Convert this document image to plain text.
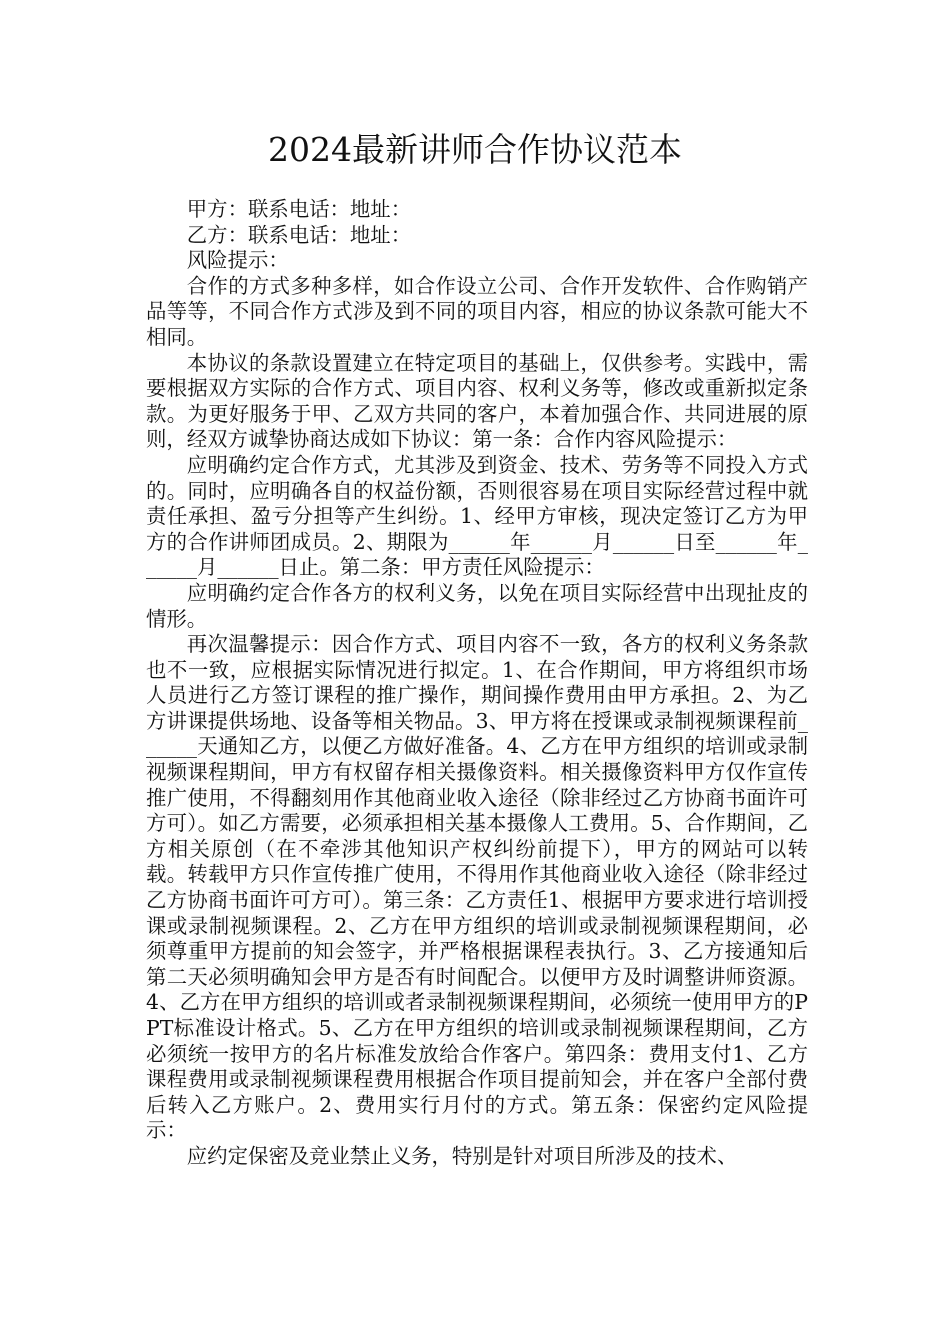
2024最新讲师合作协议范本

甲方：联系电话：地址：

乙方：联系电话：地址：

风险提示：

合作的方式多种多样，如合作设立公司、合作开发软件、合作购销产品等等，不同合作方式涉及到不同的项目内容，相应的协议条款可能大不相同。

本协议的条款设置建立在特定项目的基础上，仅供参考。实践中，需要根据双方实际的合作方式、项目内容、权利义务等，修改或重新拟定条款。为更好服务于甲、乙双方共同的客户，本着加强合作、共同进展的原则，经双方诚挚协商达成如下协议：第一条：合作内容风险提示：

应明确约定合作方式，尤其涉及到资金、技术、劳务等不同投入方式的。同时，应明确各自的权益份额，否则很容易在项目实际经营过程中就责任承担、盈亏分担等产生纠纷。1、经甲方审核，现决定签订乙方为甲方的合作讲师团成员。2、期限为______年______月______日至______年______月______日止。第二条：甲方责任风险提示：

应明确约定合作各方的权利义务，以免在项目实际经营中出现扯皮的情形。

再次温馨提示：因合作方式、项目内容不一致，各方的权利义务条款也不一致，应根据实际情况进行拟定。1、在合作期间，甲方将组织市场人员进行乙方签订课程的推广操作，期间操作费用由甲方承担。2、为乙方讲课提供场地、设备等相关物品。3、甲方将在授课或录制视频课程前______天通知乙方，以便乙方做好准备。4、乙方在甲方组织的培训或录制视频课程期间，甲方有权留存相关摄像资料。相关摄像资料甲方仅作宣传推广使用，不得翻刻用作其他商业收入途径（除非经过乙方协商书面许可方可）。如乙方需要，必须承担相关基本摄像人工费用。5、合作期间，乙方相关原创（在不牵涉其他知识产权纠纷前提下），甲方的网站可以转载。转载甲方只作宣传推广使用，不得用作其他商业收入途径（除非经过乙方协商书面许可方可）。第三条：乙方责任1、根据甲方要求进行培训授课或录制视频课程。2、乙方在甲方组织的培训或录制视频课程期间，必须尊重甲方提前的知会签字，并严格根据课程表执行。3、乙方接通知后第二天必须明确知会甲方是否有时间配合。以便甲方及时调整讲师资源。4、乙方在甲方组织的培训或者录制视频课程期间，必须统一使用甲方的PPT标准设计格式。5、乙方在甲方组织的培训或录制视频课程期间，乙方必须统一按甲方的名片标准发放给合作客户。第四条：费用支付1、乙方课程费用或录制视频课程费用根据合作项目提前知会，并在客户全部付费后转入乙方账户。2、费用实行月付的方式。第五条：保密约定风险提示：

应约定保密及竞业禁止义务，特别是针对项目所涉及的技术、
